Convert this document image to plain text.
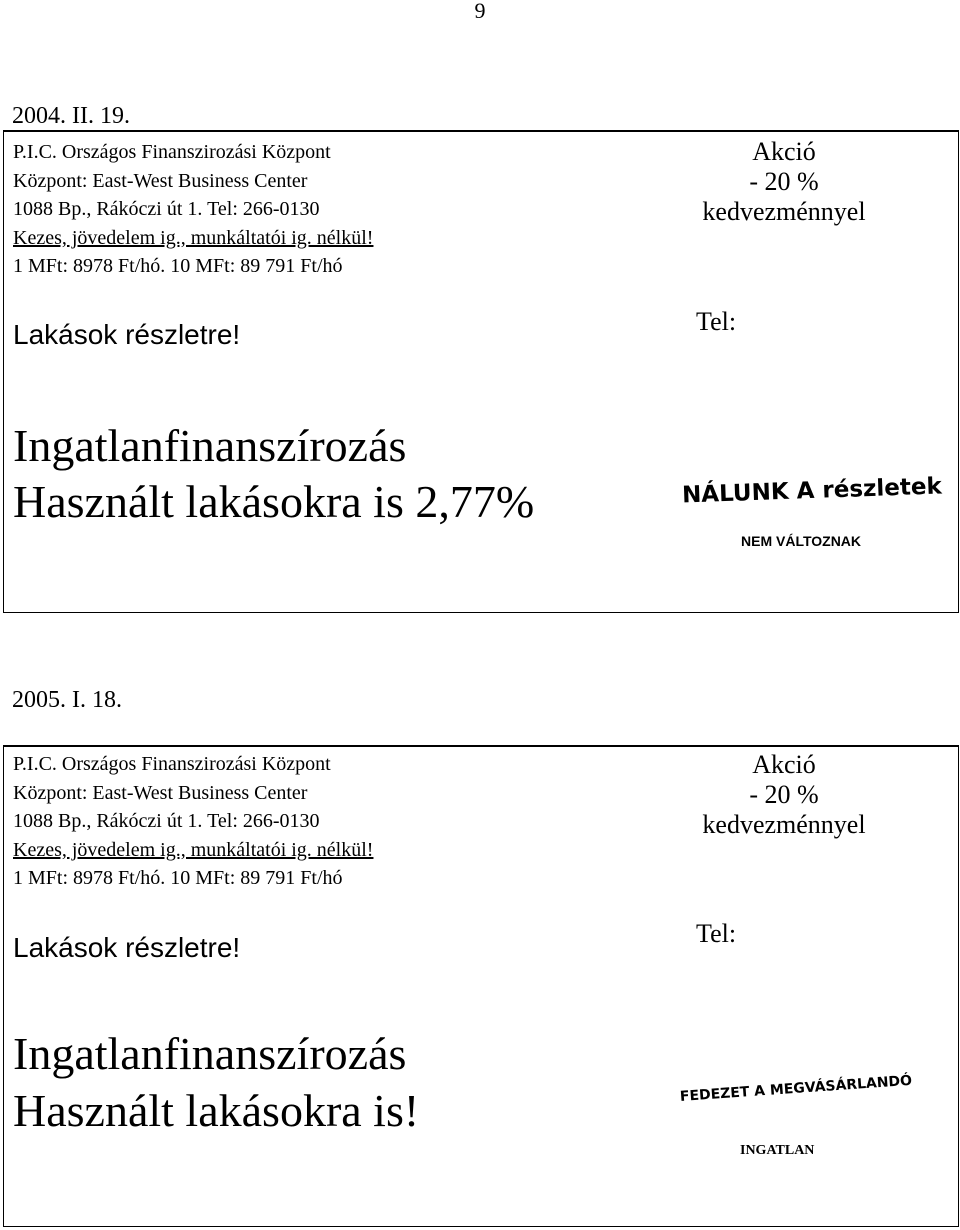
9
2004. II. 19.
P.I.C. Országos Finanszirozási Központ
Központ: East-West Business Center
1088 Bp., Rákóczi út 1. Tel: 266-0130
Kezes, jövedelem ig., munkáltatói ig. nélkül!
1 MFt: 8978 Ft/hó. 10 MFt: 89 791 Ft/hó
Lakások részletre!
Akció
- 20 %
kedvezménnyel
Tel:
Ingatlanfinanszírozás
Használt lakásokra is 2,77%	NÁLUNK A részletek
NEM VÁLTOZNAK
2005. I. 18.
P.I.C. Országos Finanszirozási Központ
Központ: East-West Business Center
1088 Bp., Rákóczi út 1. Tel: 266-0130
Kezes, jövedelem ig., munkáltatói ig. nélkül!
1 MFt: 8978 Ft/hó. 10 MFt: 89 791 Ft/hó
Lakások részletre!
Akció
- 20 %
kedvezménnyel
Tel:
Ingatlanfinanszírozás
Használt lakásokra is!	FEDEZET A MEGVÁSÁRLANDÓ
INGATLAN
